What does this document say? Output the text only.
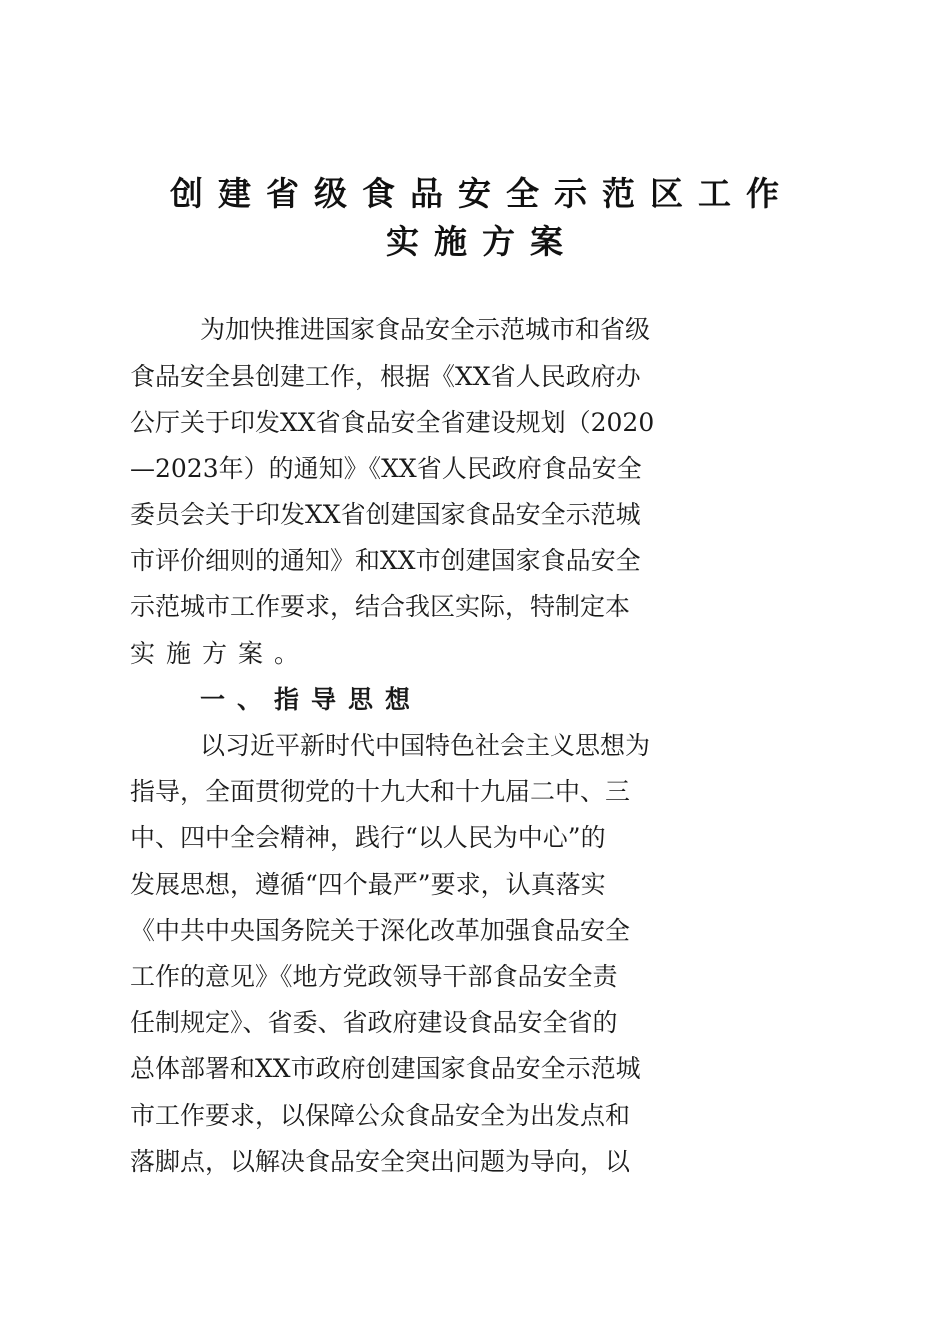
创建省级食品安全示范区工作
实施方案
为加快推进国家食品安全示范城市和省级
食品安全县创建工作，根据《XX省人民政府办
公厅关于印发XX省食品安全省建设规划（2020
—2023年）的通知》《XX省人民政府食品安全
委员会关于印发XX省创建国家食品安全示范城
市评价细则的通知》和XX市创建国家食品安全
示范城市工作要求，结合我区实际，特制定本
实施方案。
一、指导思想
以习近平新时代中国特色社会主义思想为
指导，全面贯彻党的十九大和十九届二中、三
中、四中全会精神，践行“以人民为中心”的
发展思想，遵循“四个最严”要求，认真落实
《中共中央国务院关于深化改革加强食品安全
工作的意见》《地方党政领导干部食品安全责
任制规定》、省委、省政府建设食品安全省的
总体部署和XX市政府创建国家食品安全示范城
市工作要求，以保障公众食品安全为出发点和
落脚点，以解决食品安全突出问题为导向，以
